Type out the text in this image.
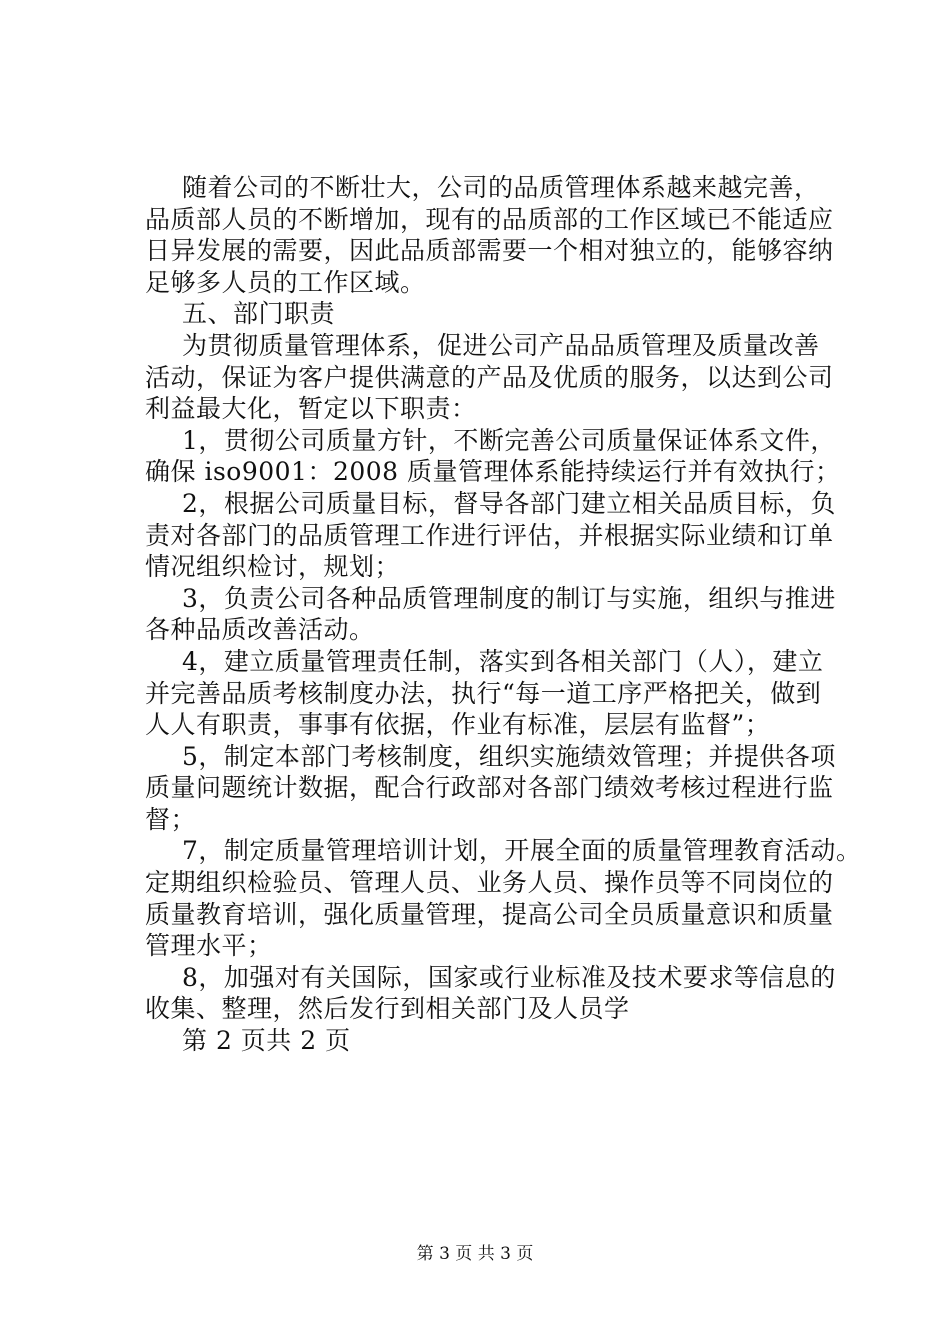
随着公司的不断壮大，公司的品质管理体系越来越完善，
品质部人员的不断增加，现有的品质部的工作区域已不能适应
日异发展的需要，因此品质部需要一个相对独立的，能够容纳
足够多人员的工作区域。
五、部门职责
为贯彻质量管理体系，促进公司产品品质管理及质量改善
活动，保证为客户提供满意的产品及优质的服务，以达到公司
利益最大化，暂定以下职责：
1，贯彻公司质量方针，不断完善公司质量保证体系文件，
确保 iso9001：2008 质量管理体系能持续运行并有效执行；
2，根据公司质量目标，督导各部门建立相关品质目标，负
责对各部门的品质管理工作进行评估，并根据实际业绩和订单
情况组织检讨，规划；
3，负责公司各种品质管理制度的制订与实施，组织与推进
各种品质改善活动。
4，建立质量管理责任制，落实到各相关部门（人），建立
并完善品质考核制度办法，执行“每一道工序严格把关，做到
人人有职责，事事有依据，作业有标准，层层有监督”；
5，制定本部门考核制度，组织实施绩效管理；并提供各项
质量问题统计数据，配合行政部对各部门绩效考核过程进行监
督；
7，制定质量管理培训计划，开展全面的质量管理教育活动。
定期组织检验员、管理人员、业务人员、操作员等不同岗位的
质量教育培训，强化质量管理，提高公司全员质量意识和质量
管理水平；
8，加强对有关国际，国家或行业标准及技术要求等信息的
收集、整理，然后发行到相关部门及人员学
第 2 页共 2 页
第 3 页 共 3 页
